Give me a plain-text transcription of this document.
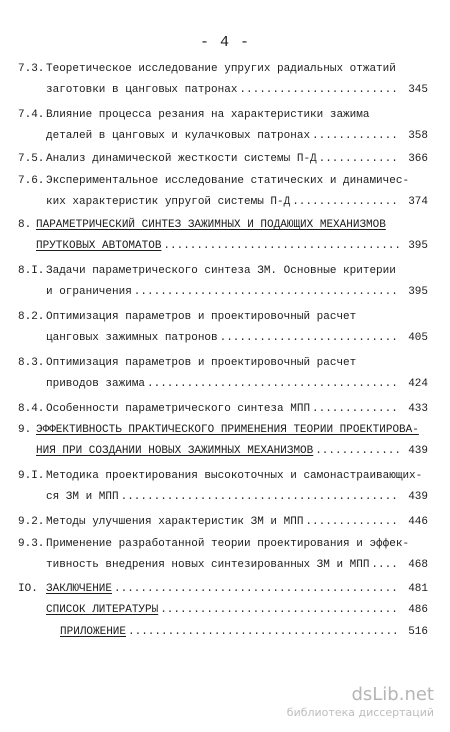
- 4 -
7.3. Теоретическое исследование упругих радиальных отжатий
заготовки в цанговых патронах .....	345
7.4. Влияние процесса резания на характеристики зажима
деталей в цанговых и кулачковых патронах .....	358
7.5. Анализ динамической жесткости системы П-Д .....	366
7.6. Экспериментальное исследование статических и динамичес-
ких характеристик упругой системы П-Д .....	374
8. ПАРАМЕТРИЧЕСКИЙ СИНТЕЗ ЗАЖИМНЫХ И ПОДАЮЩИХ МЕХАНИЗМОВ
ПРУТКОВЫХ АВТОМАТОВ .....	395
8.I. Задачи параметрического синтеза ЗМ. Основные критерии
и ограничения .....	395
8.2. Оптимизация параметров и проектировочный расчет
цанговых зажимных патронов .....	405
8.3. Оптимизация параметров и проектировочный расчет
приводов зажима .....	424
8.4. Особенности параметрического синтеза МПП .....	433
9. ЭФФЕКТИВНОСТЬ ПРАКТИЧЕСКОГО ПРИМЕНЕНИЯ ТЕОРИИ ПРОЕКТИРОВА-
НИЯ ПРИ СОЗДАНИИ НОВЫХ ЗАЖИМНЫХ МЕХАНИЗМОВ .....	439
9.I. Методика проектирования высокоточных и самонастраивающих-
ся ЗМ и МПП .....	439
9.2. Методы улучшения характеристик ЗМ и МПП .....	446
9.3. Применение разработанной теории проектирования и эффек-
тивность внедрения новых синтезированных ЗМ и МПП .....	468
IO. ЗАКЛЮЧЕНИЕ .....	481
СПИСОК ЛИТЕРАТУРЫ .....	486
ПРИЛОЖЕНИЕ .....	516
dsLib.net
библиотека диссертаций
